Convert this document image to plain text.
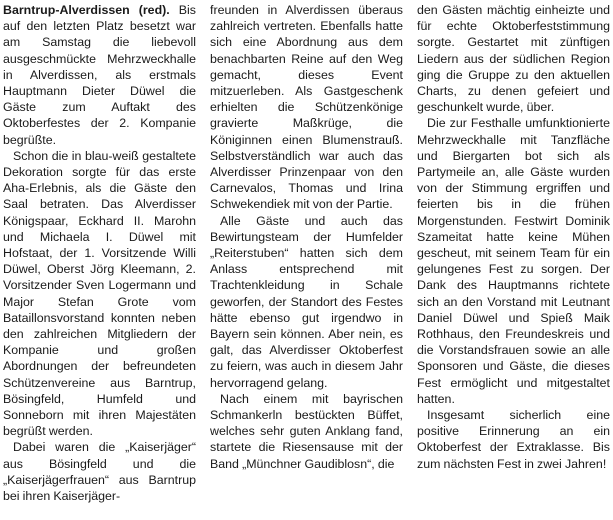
Barntrup-Alverdissen (red). Bis auf den letzten Platz besetzt war am Samstag die liebevoll ausgeschmückte Mehrzweckhalle in Alverdissen, als erstmals Hauptmann Dieter Düwel die Gäste zum Auftakt des Oktoberfestes der 2. Kompanie begrüßte.

Schon die in blau-weiß gestaltete Dekoration sorgte für das erste Aha-Erlebnis, als die Gäste den Saal betraten. Das Alverdisser Königspaar, Eckhard II. Marohn und Michaela I. Düwel mit Hofstaat, der 1. Vorsitzende Willi Düwel, Oberst Jörg Kleemann, 2. Vorsitzender Sven Logermann und Major Stefan Grote vom Bataillonsvorstand konnten neben den zahlreichen Mitgliedern der Kompanie und großen Abordnungen der befreundeten Schützenvereine aus Barntrup, Bösingfeld, Humfeld und Sonneborn mit ihren Majestäten begrüßt werden.

Dabei waren die „Kaiserjäger“ aus Bösingfeld und die „Kaiserjägerfrauen“ aus Barntrup bei ihren Kaiserjäger-

freunden in Alverdissen überaus zahlreich vertreten. Ebenfalls hatte sich eine Abordnung aus dem benachbarten Reine auf den Weg gemacht, dieses Event mitzuerleben. Als Gastgeschenk erhielten die Schützenkönige gravierte Maßkrüge, die Königinnen einen Blumenstrauß. Selbstverständlich war auch das Alverdisser Prinzenpaar von den Carnevalos, Thomas und Irina Schwekendiek mit von der Partie.

Alle Gäste und auch das Bewirtungsteam der Humfelder „Reiterstuben“ hatten sich dem Anlass entsprechend mit Trachtenkleidung in Schale geworfen, der Standort des Festes hätte ebenso gut irgendwo in Bayern sein können. Aber nein, es galt, das Alverdisser Oktoberfest zu feiern, was auch in diesem Jahr hervorragend gelang.

Nach einem mit bayrischen Schmankerln bestückten Büffet, welches sehr guten Anklang fand, startete die Riesensause mit der Band „Münchner Gaudiblosn“, die

den Gästen mächtig einheizte und für echte Oktoberfeststimmung sorgte. Gestartet mit zünftigen Liedern aus der südlichen Region ging die Gruppe zu den aktuellen Charts, zu denen gefeiert und geschunkelt wurde, über.

Die zur Festhalle umfunktionierte Mehrzweckhalle mit Tanzfläche und Biergarten bot sich als Partymeile an, alle Gäste wurden von der Stimmung ergriffen und feierten bis in die frühen Morgenstunden. Festwirt Dominik Szameitat hatte keine Mühen gescheut, mit seinem Team für ein gelungenes Fest zu sorgen. Der Dank des Hauptmanns richtete sich an den Vorstand mit Leutnant Daniel Düwel und Spieß Maik Rothhaus, den Freundeskreis und die Vorstandsfrauen sowie an alle Sponsoren und Gäste, die dieses Fest ermöglicht und mitgestaltet hatten.

Insgesamt sicherlich eine positive Erinnerung an ein Oktoberfest der Extraklasse. Bis zum nächsten Fest in zwei Jahren!
